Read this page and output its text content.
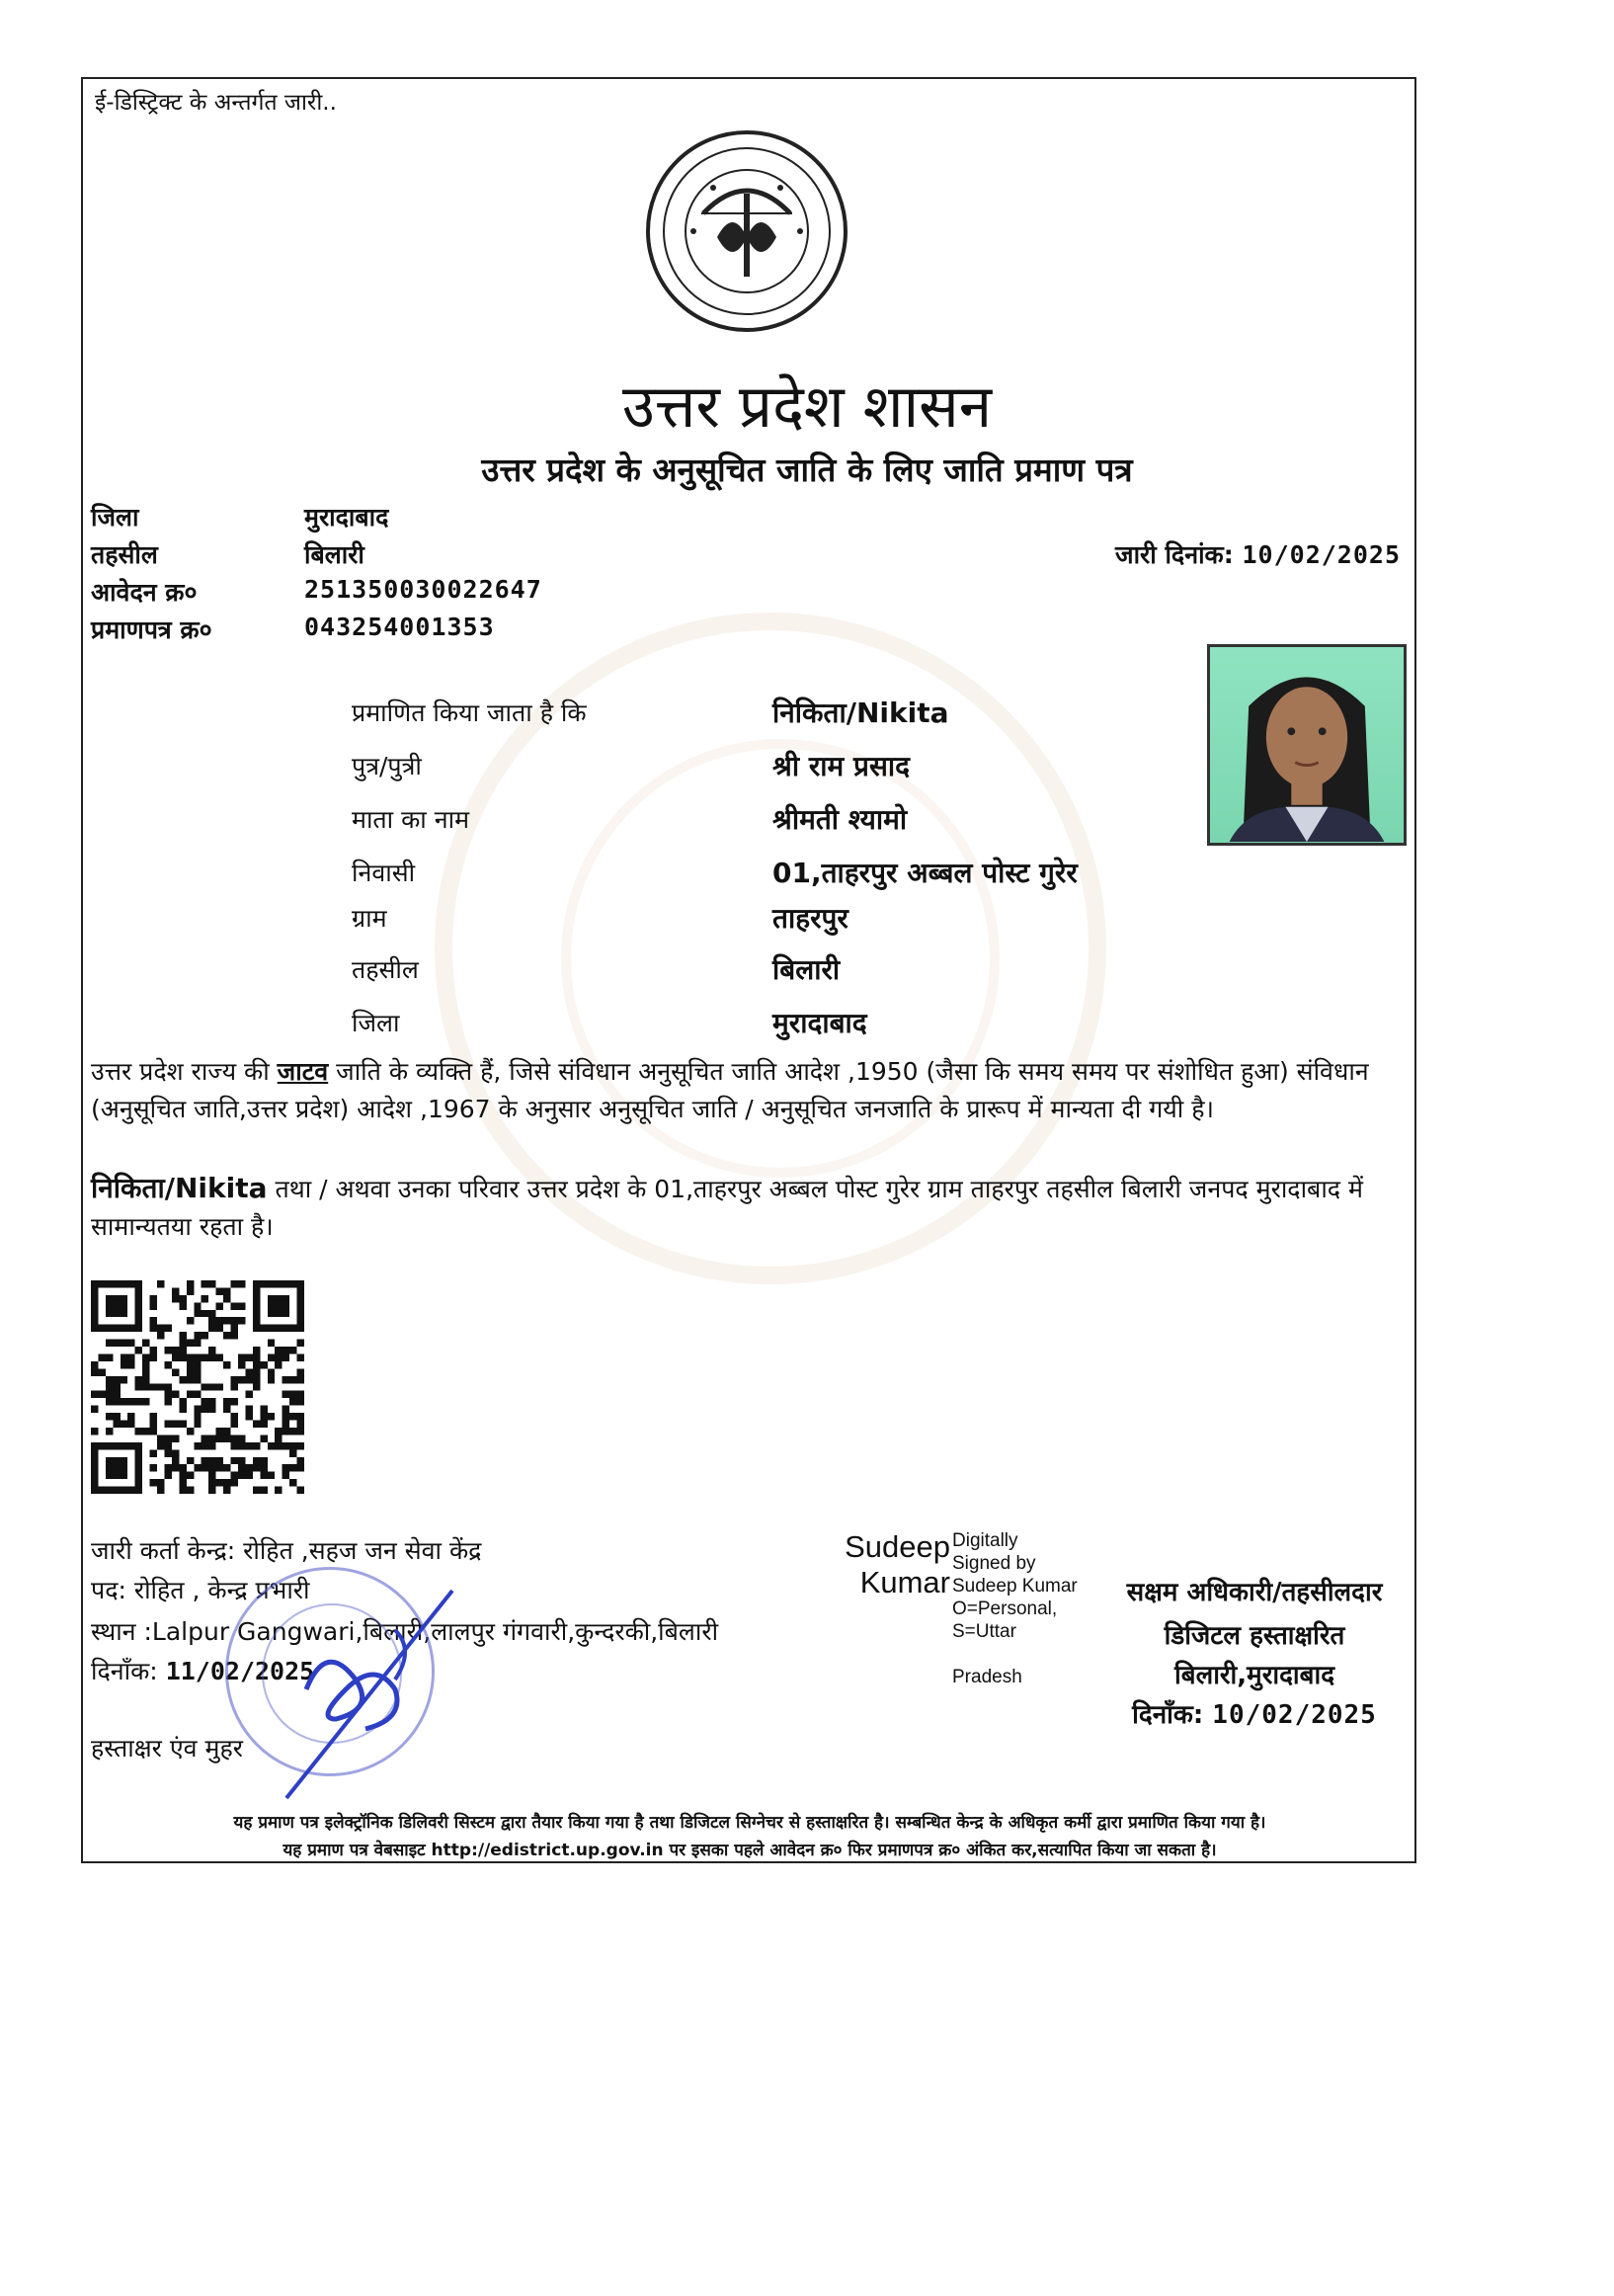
ई-डिस्ट्रिक्ट के अन्तर्गत जारी..
उत्तर प्रदेश शासन
उत्तर प्रदेश के अनुसूचित जाति के लिए जाति प्रमाण पत्र
जिला	मुरादाबाद
तहसील	बिलारी
आवेदन क्र०	251350030022647
प्रमाणपत्र क्र०	043254001353
जारी दिनांक: 10/02/2025
प्रमाणित किया जाता है कि	निकिता/Nikita
पुत्र/पुत्री	श्री राम प्रसाद
माता का नाम	श्रीमती श्यामो
निवासी	01,ताहरपुर अब्बल पोस्ट गुरेर
ग्राम	ताहरपुर
तहसील	बिलारी
जिला	मुरादाबाद
उत्तर प्रदेश राज्य की जाटव जाति के व्यक्ति हैं, जिसे संविधान अनुसूचित जाति आदेश ,1950 (जैसा कि समय समय पर संशोधित हुआ) संविधान (अनुसूचित जाति,उत्तर प्रदेश) आदेश ,1967 के अनुसार अनुसूचित जाति / अनुसूचित जनजाति के प्रारूप में मान्यता दी गयी है।
निकिता/Nikita तथा / अथवा उनका परिवार उत्तर प्रदेश के 01,ताहरपुर अब्बल पोस्ट गुरेर ग्राम ताहरपुर तहसील बिलारी जनपद मुरादाबाद में सामान्यतया रहता है।
जारी कर्ता केन्द्र: रोहित ,सहज जन सेवा केंद्र
पद: रोहित , केन्द्र प्रभारी
स्थान :Lalpur Gangwari,बिलारी,लालपुर गंगवारी,कुन्दरकी,बिलारी
दिनाँक: 11/02/2025
हस्ताक्षर एंव मुहर
Sudeep
Kumar
Digitally
Signed by
Sudeep Kumar
O=Personal,
S=Uttar
Pradesh
सक्षम अधिकारी/तहसीलदार
डिजिटल हस्ताक्षरित
बिलारी,मुरादाबाद
दिनाँक: 10/02/2025
यह प्रमाण पत्र इलेक्ट्रॉनिक डिलिवरी सिस्टम द्वारा तैयार किया गया है तथा डिजिटल सिग्नेचर से हस्ताक्षरित है। सम्बन्धित केन्द्र के अधिकृत कर्मी द्वारा प्रमाणित किया गया है।
यह प्रमाण पत्र वेबसाइट http://edistrict.up.gov.in पर इसका पहले आवेदन क्र० फिर प्रमाणपत्र क्र० अंकित कर,सत्यापित किया जा सकता है।
